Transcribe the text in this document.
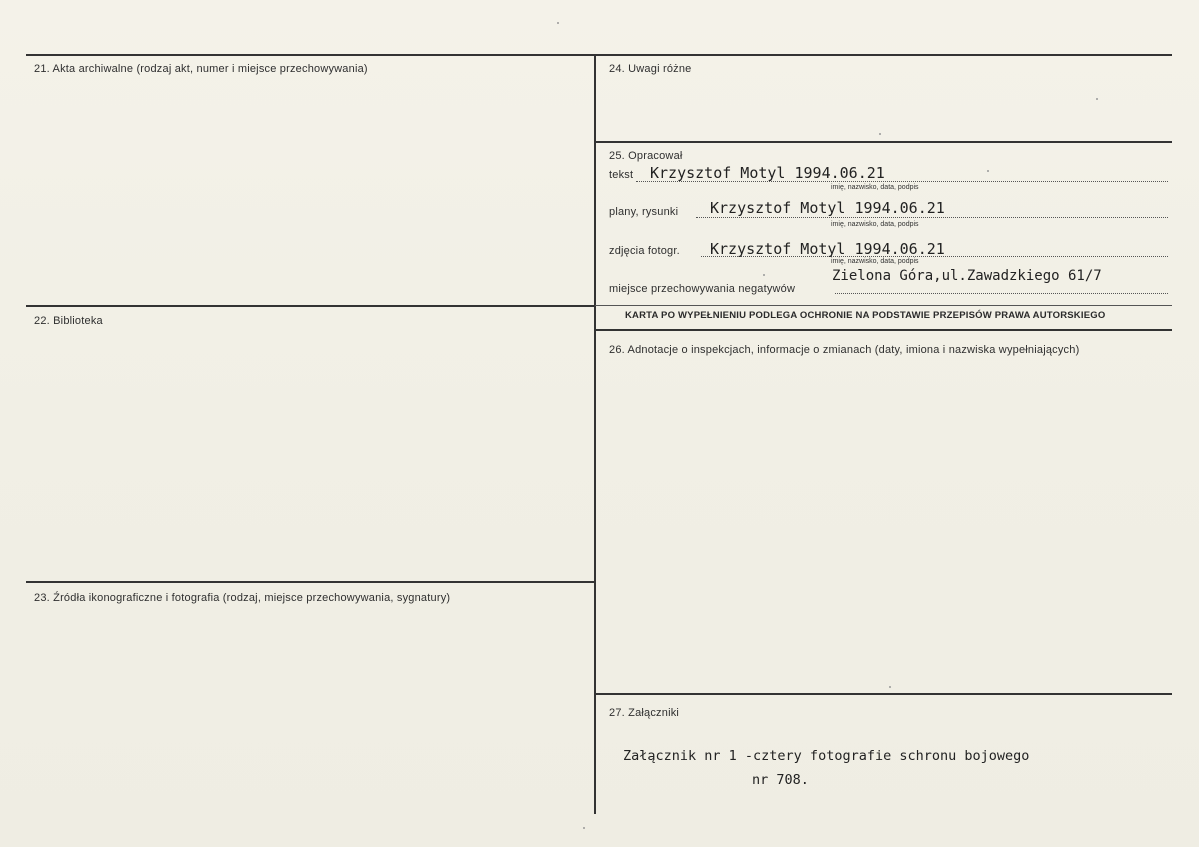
21. Akta archiwalne (rodzaj akt, numer i miejsce przechowywania)
22. Biblioteka
23. Źródła ikonograficzne i fotografia (rodzaj, miejsce przechowywania, sygnatury)
24. Uwagi różne
25. Opracował
tekst Krzysztof Motyl 1994.06.21
imię, nazwisko, data, podpis
plany, rysunki Krzysztof Motyl 1994.06.21
imię, nazwisko, data, podpis
zdjęcia fotogr. Krzysztof Motyl 1994.06.21
imię, nazwisko, data, podpis
miejsce przechowywania negatywów
Zielona Góra,ul.Zawadzkiego 61/7
KARTA PO WYPEŁNIENIU PODLEGA OCHRONIE NA PODSTAWIE PRZEPISÓW PRAWA AUTORSKIEGO
26. Adnotacje o inspekcjach, informacje o zmianach (daty, imiona i nazwiska wypełniających)
27. Załączniki
Załącznik nr 1 -cztery fotografie schronu bojowego
nr 708.
